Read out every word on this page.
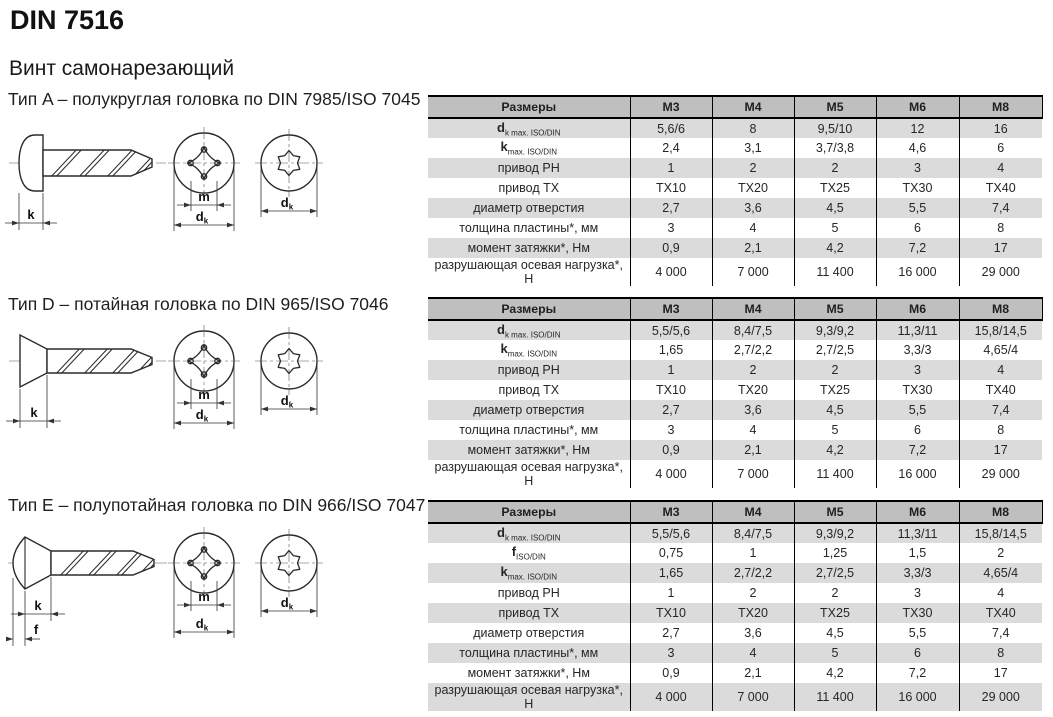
DIN 7516
Винт самонарезающий
Тип A – полукруглая головка по DIN 7985/ISO 7045
k
m
dk
dk
Размеры	M3	M4	M5	M6	M8
$d_{k max. ISO/DIN}$	5,6/6	8	9,5/10	12	16
$k_{max. ISO/DIN}$	2,4	3,1	3,7/3,8	4,6	6
привод PH	1	2	2	3	4
привод TX	TX10	TX20	TX25	TX30	TX40
диаметр отверстия	2,7	3,6	4,5	5,5	7,4
толщина пластины*, мм	3	4	5	6	8
момент затяжки*, Нм	0,9	2,1	4,2	7,2	17
разрушающая осевая нагрузка*, Н	4 000	7 000	11 400	16 000	29 000
Тип D – потайная головка по DIN 965/ISO 7046
k
m
dk
dk
Размеры	M3	M4	M5	M6	M8
$d_{k max. ISO/DIN}$	5,5/5,6	8,4/7,5	9,3/9,2	11,3/11	15,8/14,5
$k_{max. ISO/DIN}$	1,65	2,7/2,2	2,7/2,5	3,3/3	4,65/4
привод PH	1	2	2	3	4
привод TX	TX10	TX20	TX25	TX30	TX40
диаметр отверстия	2,7	3,6	4,5	5,5	7,4
толщина пластины*, мм	3	4	5	6	8
момент затяжки*, Нм	0,9	2,1	4,2	7,2	17
разрушающая осевая нагрузка*, Н	4 000	7 000	11 400	16 000	29 000
Тип E – полупотайная головка по DIN 966/ISO 7047
k
f
m
dk
dk
Размеры	M3	M4	M5	M6	M8
$d_{k max. ISO/DIN}$	5,5/5,6	8,4/7,5	9,3/9,2	11,3/11	15,8/14,5
$f_{ISO/DIN}$	0,75	1	1,25	1,5	2
$k_{max. ISO/DIN}$	1,65	2,7/2,2	2,7/2,5	3,3/3	4,65/4
привод PH	1	2	2	3	4
привод TX	TX10	TX20	TX25	TX30	TX40
диаметр отверстия	2,7	3,6	4,5	5,5	7,4
толщина пластины*, мм	3	4	5	6	8
момент затяжки*, Нм	0,9	2,1	4,2	7,2	17
разрушающая осевая нагрузка*, Н	4 000	7 000	11 400	16 000	29 000
